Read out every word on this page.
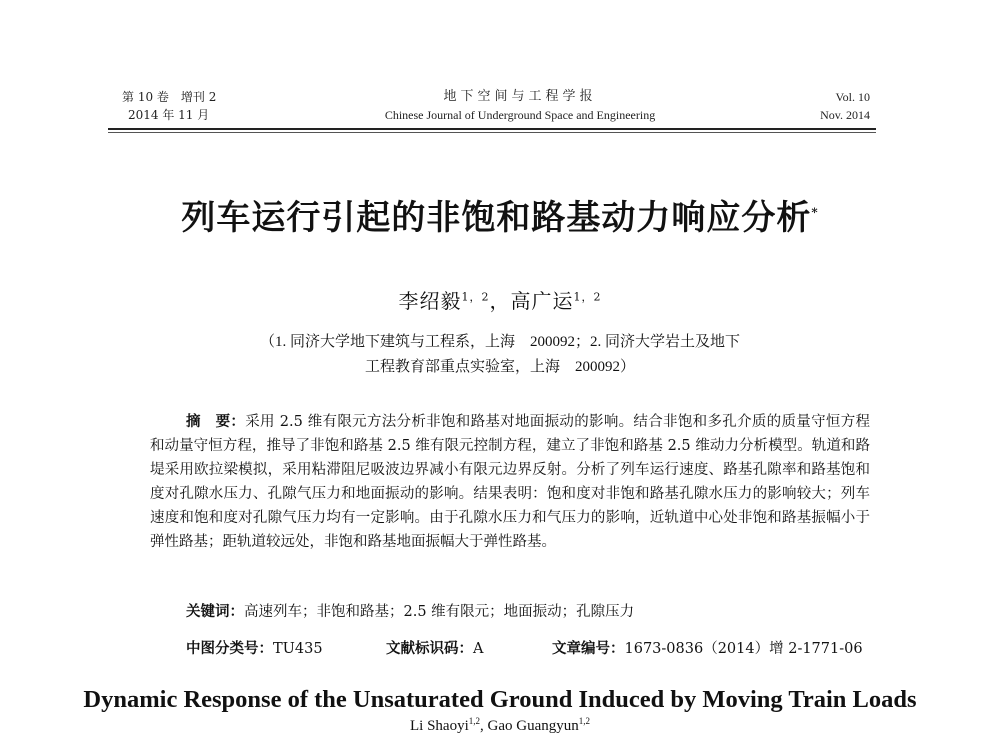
第 10 卷　增刊 2
2014 年 11 月
地下空间与工程学报
Chinese Journal of Underground Space and Engineering
Vol. 10
Nov. 2014
列车运行引起的非饱和路基动力响应分析*
李绍毅$^{1,2}$，高广运$^{1,2}$
（1. 同济大学地下建筑与工程系，上海　200092；2. 同济大学岩土及地下
工程教育部重点实验室，上海　200092）
摘　要：采用 2.5 维有限元方法分析非饱和路基对地面振动的影响。结合非饱和多孔介质的质量守恒方程和动量守恒方程，推导了非饱和路基 2.5 维有限元控制方程，建立了非饱和路基 2.5 维动力分析模型。轨道和路堤采用欧拉梁模拟，采用粘滞阻尼吸波边界减小有限元边界反射。分析了列车运行速度、路基孔隙率和路基饱和度对孔隙水压力、孔隙气压力和地面振动的影响。结果表明：饱和度对非饱和路基孔隙水压力的影响较大；列车速度和饱和度对孔隙气压力均有一定影响。由于孔隙水压力和气压力的影响，近轨道中心处非饱和路基振幅小于弹性路基；距轨道较远处，非饱和路基地面振幅大于弹性路基。
关键词：高速列车；非饱和路基；2.5 维有限元；地面振动；孔隙压力
中图分类号：TU435	文献标识码：A	文章编号：1673-0836（2014）增 2-1771-06
Dynamic Response of the Unsaturated Ground Induced by Moving Train Loads
Li Shaoyi$^{1,2}$, Gao Guangyun$^{1,2}$
